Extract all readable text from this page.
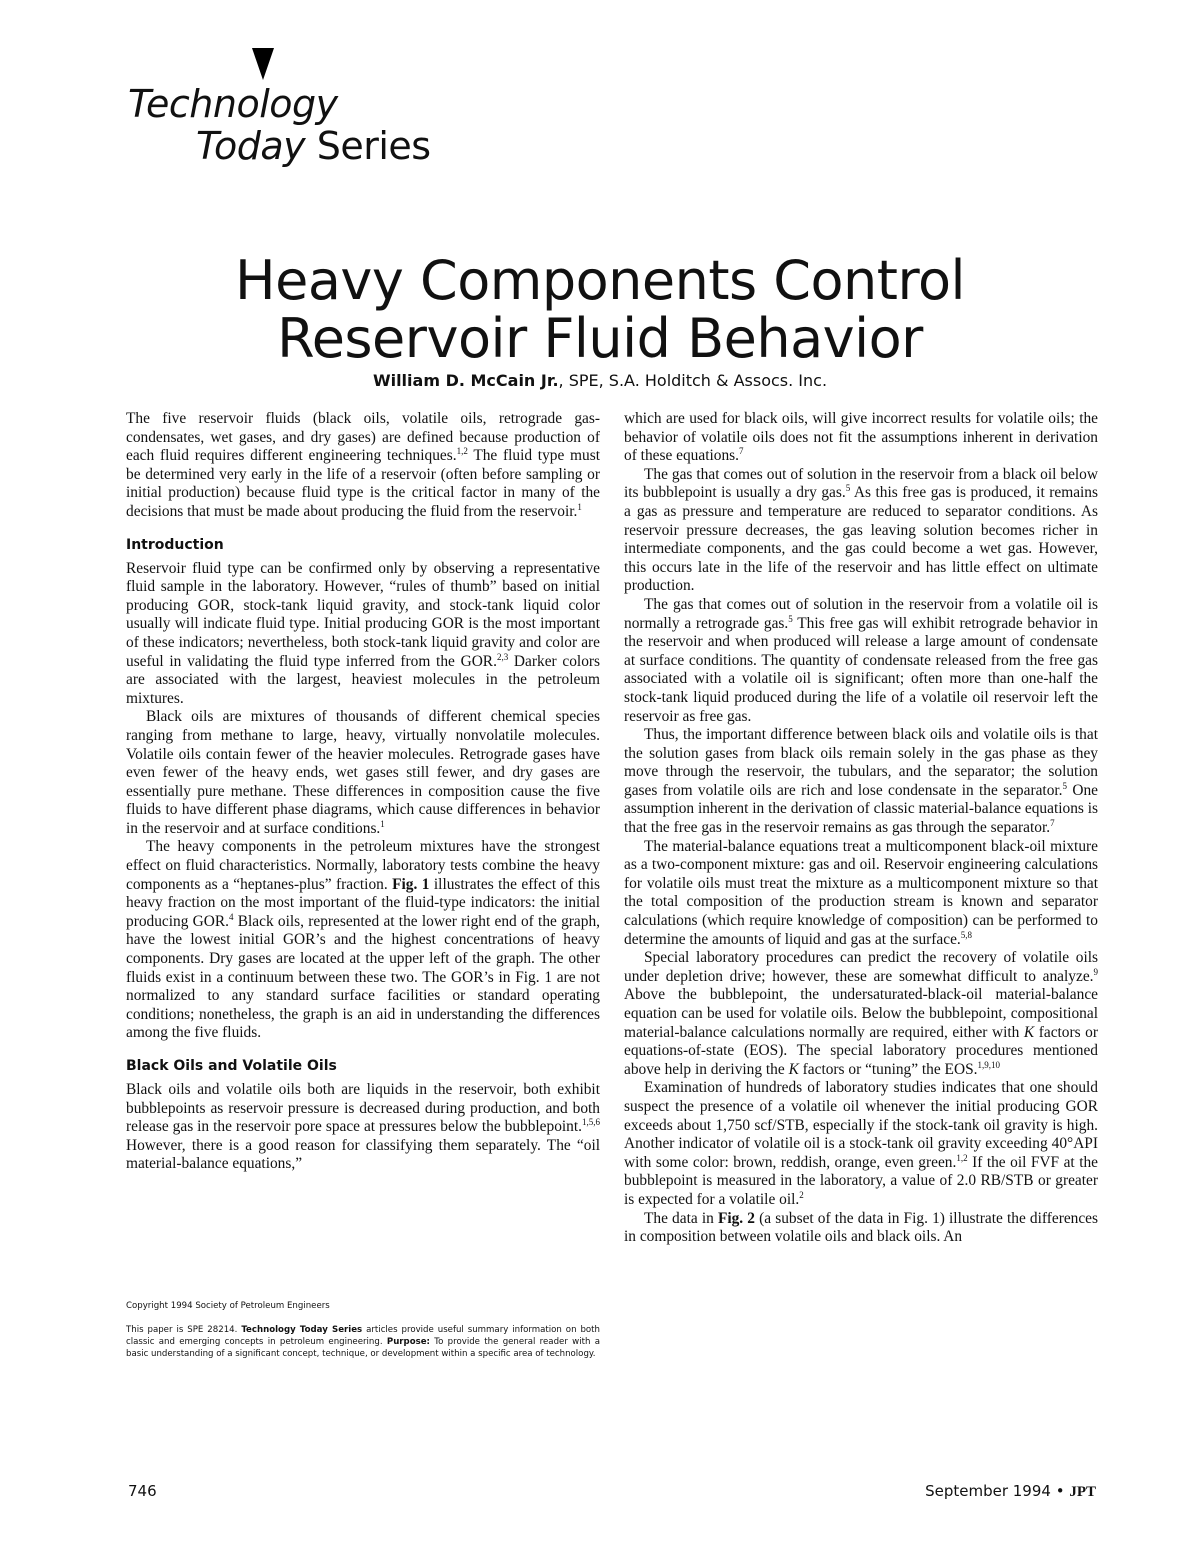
Technology
Today Series
Heavy Components Control
Reservoir Fluid Behavior
William D. McCain Jr., SPE, S.A. Holditch & Assocs. Inc.

The five reservoir fluids (black oils, volatile oils, retrograde gas-condensates, wet gases, and dry gases) are defined because production of each fluid requires different engineering techniques.$^{1,2}$ The fluid type must be determined very early in the life of a reservoir (often before sampling or initial production) because fluid type is the critical factor in many of the decisions that must be made about producing the fluid from the reservoir.$^1$

Introduction

Reservoir fluid type can be confirmed only by observing a representative fluid sample in the laboratory. However, “rules of thumb” based on initial producing GOR, stock-tank liquid gravity, and stock-tank liquid color usually will indicate fluid type. Initial producing GOR is the most important of these indicators; nevertheless, both stock-tank liquid gravity and color are useful in validating the fluid type inferred from the GOR.$^{2,3}$ Darker colors are associated with the largest, heaviest molecules in the petroleum mixtures.

Black oils are mixtures of thousands of different chemical species ranging from methane to large, heavy, virtually nonvolatile molecules. Volatile oils contain fewer of the heavier molecules. Retrograde gases have even fewer of the heavy ends, wet gases still fewer, and dry gases are essentially pure methane. These differences in composition cause the five fluids to have different phase diagrams, which cause differences in behavior in the reservoir and at surface conditions.$^1$

The heavy components in the petroleum mixtures have the strongest effect on fluid characteristics. Normally, laboratory tests combine the heavy components as a “heptanes-plus” fraction. Fig. 1 illustrates the effect of this heavy fraction on the most important of the fluid-type indicators: the initial producing GOR.$^4$ Black oils, represented at the lower right end of the graph, have the lowest initial GOR’s and the highest concentrations of heavy components. Dry gases are located at the upper left of the graph. The other fluids exist in a continuum between these two. The GOR’s in Fig. 1 are not normalized to any standard surface facilities or standard operating conditions; nonetheless, the graph is an aid in understanding the differences among the five fluids.

Black Oils and Volatile Oils

Black oils and volatile oils both are liquids in the reservoir, both exhibit bubblepoints as reservoir pressure is decreased during production, and both release gas in the reservoir pore space at pressures below the bubblepoint.$^{1,5,6}$ However, there is a good reason for classifying them separately. The “oil material-balance equations,”

Copyright 1994 Society of Petroleum Engineers

This paper is SPE 28214. Technology Today Series articles provide useful summary information on both classic and emerging concepts in petroleum engineering. Purpose: To provide the general reader with a basic understanding of a significant concept, technique, or development within a specific area of technology.

which are used for black oils, will give incorrect results for volatile oils; the behavior of volatile oils does not fit the assumptions inherent in derivation of these equations.$^7$

The gas that comes out of solution in the reservoir from a black oil below its bubblepoint is usually a dry gas.$^5$ As this free gas is produced, it remains a gas as pressure and temperature are reduced to separator conditions. As reservoir pressure decreases, the gas leaving solution becomes richer in intermediate components, and the gas could become a wet gas. However, this occurs late in the life of the reservoir and has little effect on ultimate production.

The gas that comes out of solution in the reservoir from a volatile oil is normally a retrograde gas.$^5$ This free gas will exhibit retrograde behavior in the reservoir and when produced will release a large amount of condensate at surface conditions. The quantity of condensate released from the free gas associated with a volatile oil is significant; often more than one-half the stock-tank liquid produced during the life of a volatile oil reservoir left the reservoir as free gas.

Thus, the important difference between black oils and volatile oils is that the solution gases from black oils remain solely in the gas phase as they move through the reservoir, the tubulars, and the separator; the solution gases from volatile oils are rich and lose condensate in the separator.$^5$ One assumption inherent in the derivation of classic material-balance equations is that the free gas in the reservoir remains as gas through the separator.$^7$

The material-balance equations treat a multicomponent black-oil mixture as a two-component mixture: gas and oil. Reservoir engineering calculations for volatile oils must treat the mixture as a multicomponent mixture so that the total composition of the production stream is known and separator calculations (which require knowledge of composition) can be performed to determine the amounts of liquid and gas at the surface.$^{5,8}$

Special laboratory procedures can predict the recovery of volatile oils under depletion drive; however, these are somewhat difficult to analyze.$^9$ Above the bubblepoint, the undersaturated-black-oil material-balance equation can be used for volatile oils. Below the bubblepoint, compositional material-balance calculations normally are required, either with K factors or equations-of-state (EOS). The special laboratory procedures mentioned above help in deriving the K factors or “tuning” the EOS.$^{1,9,10}$

Examination of hundreds of laboratory studies indicates that one should suspect the presence of a volatile oil whenever the initial producing GOR exceeds about 1,750 scf/STB, especially if the stock-tank oil gravity is high. Another indicator of volatile oil is a stock-tank oil gravity exceeding 40°API with some color: brown, reddish, orange, even green.$^{1,2}$ If the oil FVF at the bubblepoint is measured in the laboratory, a value of 2.0 RB/STB or greater is expected for a volatile oil.$^2$

The data in Fig. 2 (a subset of the data in Fig. 1) illustrate the differences in composition between volatile oils and black oils. An

746	September 1994 • JPT
